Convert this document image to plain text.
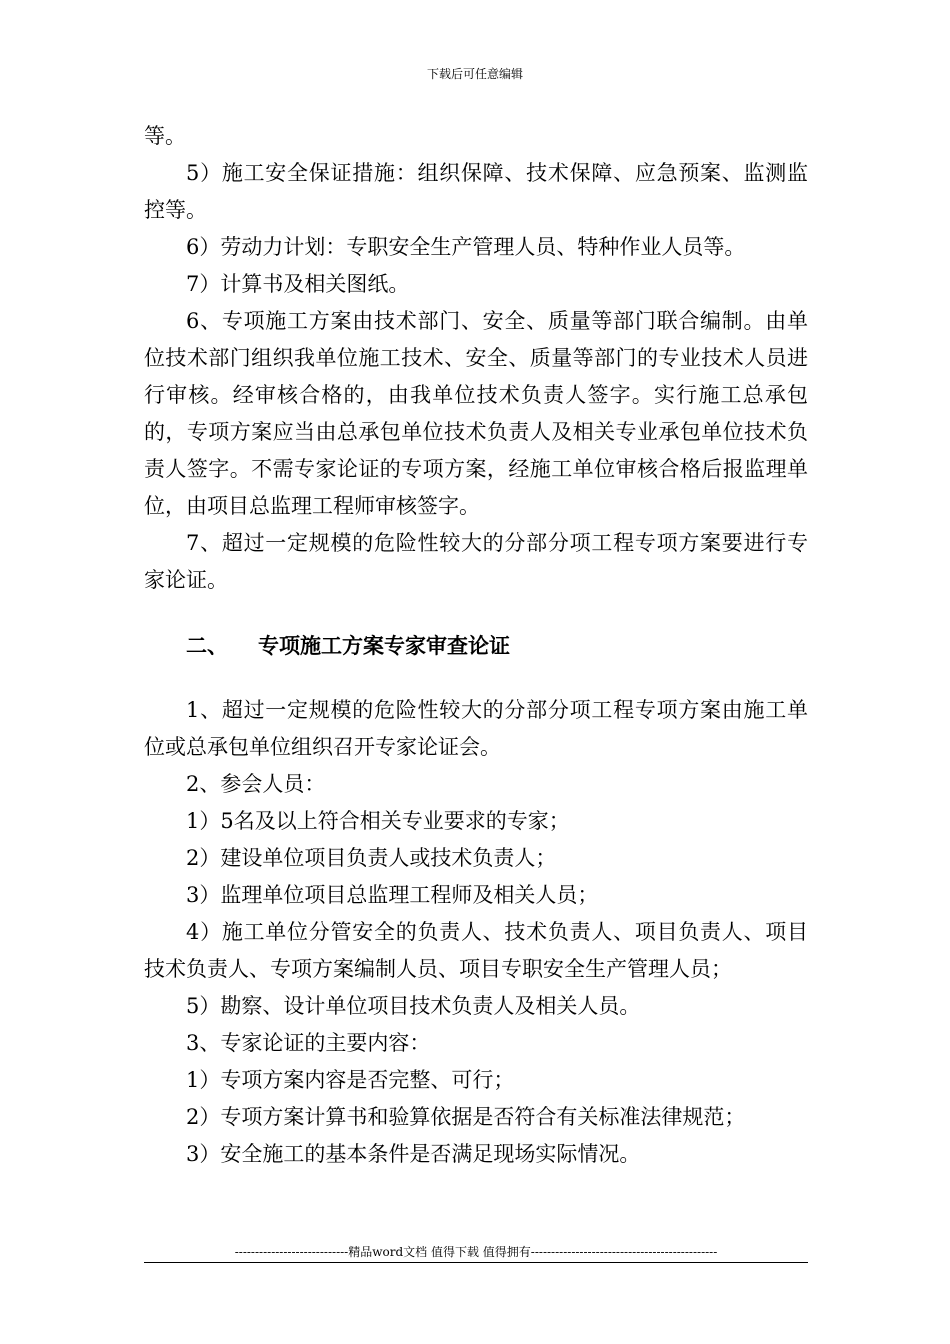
下载后可任意编辑

等。

5）施工安全保证措施：组织保障、技术保障、应急预案、监测监控等。

6）劳动力计划：专职安全生产管理人员、特种作业人员等。

7）计算书及相关图纸。

6、专项施工方案由技术部门、安全、质量等部门联合编制。由单位技术部门组织我单位施工技术、安全、质量等部门的专业技术人员进行审核。经审核合格的，由我单位技术负责人签字。实行施工总承包的，专项方案应当由总承包单位技术负责人及相关专业承包单位技术负责人签字。不需专家论证的专项方案，经施工单位审核合格后报监理单位，由项目总监理工程师审核签字。

7、超过一定规模的危险性较大的分部分项工程专项方案要进行专家论证。

二、	专项施工方案专家审查论证

1、超过一定规模的危险性较大的分部分项工程专项方案由施工单位或总承包单位组织召开专家论证会。

2、参会人员：

1）5名及以上符合相关专业要求的专家；

2）建设单位项目负责人或技术负责人；

3）监理单位项目总监理工程师及相关人员；

4）施工单位分管安全的负责人、技术负责人、项目负责人、项目技术负责人、专项方案编制人员、项目专职安全生产管理人员；

5）勘察、设计单位项目技术负责人及相关人员。

3、专家论证的主要内容：

1）专项方案内容是否完整、可行；

2）专项方案计算书和验算依据是否符合有关标准法律规范；

3）安全施工的基本条件是否满足现场实际情况。

----------------------------精品word文档 值得下载 值得拥有----------------------------------------------
